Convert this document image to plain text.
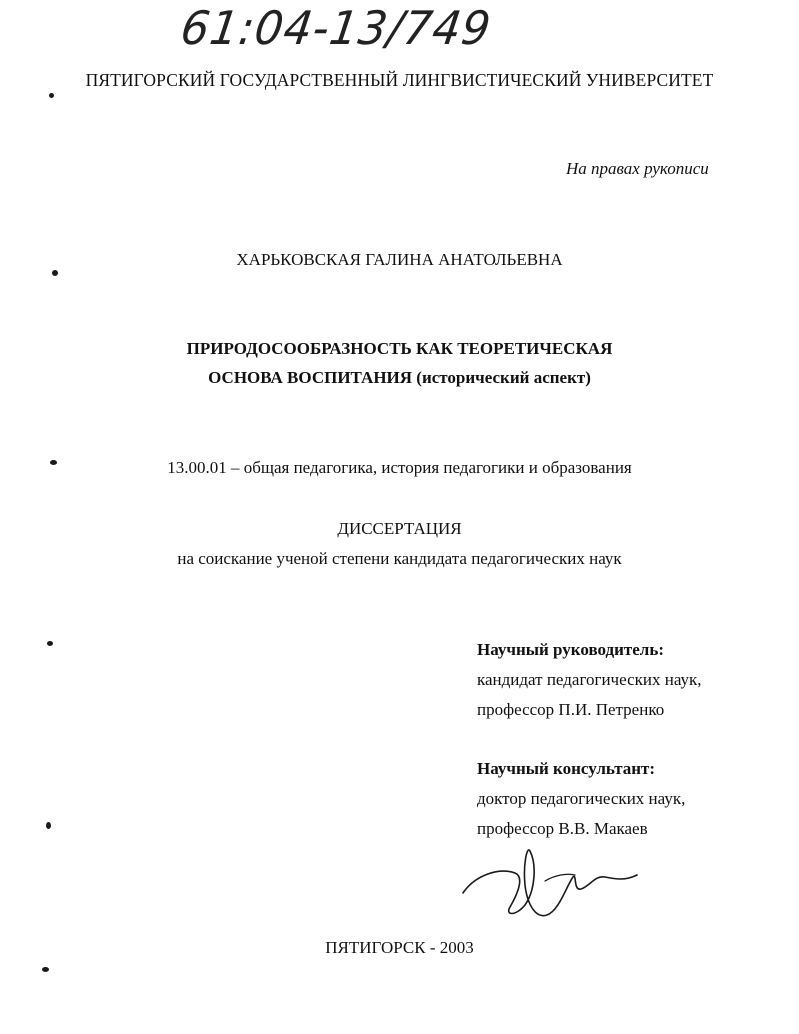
61:04-13/749
ПЯТИГОРСКИЙ ГОСУДАРСТВЕННЫЙ ЛИНГВИСТИЧЕСКИЙ УНИВЕРСИТЕТ
На правах рукописи
ХАРЬКОВСКАЯ ГАЛИНА АНАТОЛЬЕВНА
ПРИРОДОСООБРАЗНОСТЬ КАК ТЕОРЕТИЧЕСКАЯ
ОСНОВА ВОСПИТАНИЯ (исторический аспект)
13.00.01 – общая педагогика, история педагогики и образования
ДИССЕРТАЦИЯ
на соискание ученой степени кандидата педагогических наук
Научный руководитель:
кандидат педагогических наук,
профессор П.И. Петренко
Научный консультант:
доктор педагогических наук,
профессор В.В. Макаев
ПЯТИГОРСК - 2003
